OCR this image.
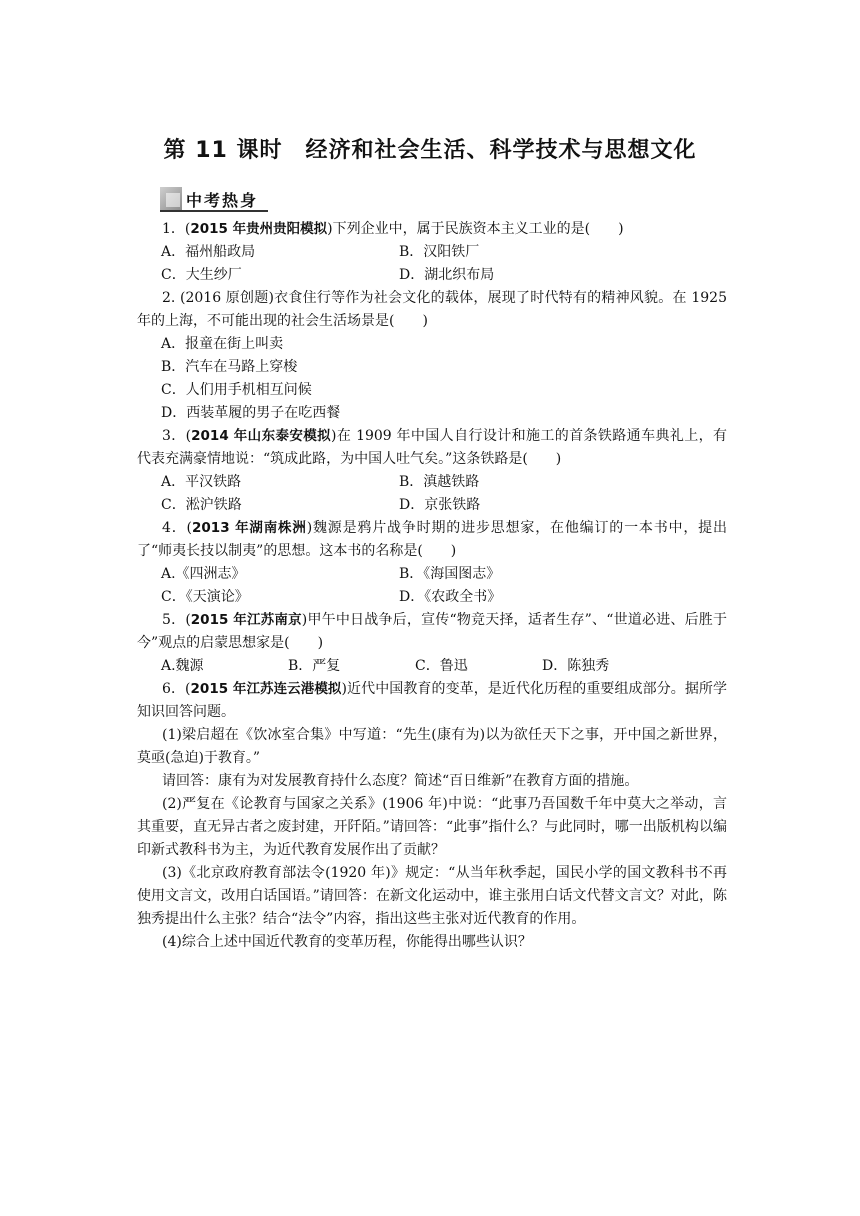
第 11 课时　经济和社会生活、科学技术与思想文化
中考热身

1．(2015 年贵州贵阳模拟)下列企业中，属于民族资本主义工业的是(　　)

A．福州船政局	B．汉阳铁厂

C．大生纱厂	D．湖北织布局

2. (2016 原创题)衣食住行等作为社会文化的载体，展现了时代特有的精神风貌。在 1925 年的上海，不可能出现的社会生活场景是(　　)

A．报童在街上叫卖

B．汽车在马路上穿梭

C．人们用手机相互问候

D．西装革履的男子在吃西餐

3．(2014 年山东泰安模拟)在 1909 年中国人自行设计和施工的首条铁路通车典礼上，有代表充满豪情地说：“筑成此路，为中国人吐气矣。”这条铁路是(　　)

A．平汉铁路	B．滇越铁路

C．淞沪铁路	D．京张铁路

4．(2013 年湖南株洲)魏源是鸦片战争时期的进步思想家，在他编订的一本书中，提出了“师夷长技以制夷”的思想。这本书的名称是(　　)

A.《四洲志》	B．《海国图志》

C．《天演论》	D．《农政全书》

5．(2015 年江苏南京)甲午中日战争后，宣传“物竞天择，适者生存”、“世道必进、后胜于今”观点的启蒙思想家是(　　)

A.魏源	B．严复	C．鲁迅	D．陈独秀

6．(2015 年江苏连云港模拟)近代中国教育的变革，是近代化历程的重要组成部分。据所学知识回答问题。

(1)梁启超在《饮冰室合集》中写道：“先生(康有为)以为欲任天下之事，开中国之新世界，莫亟(急迫)于教育。”

请回答：康有为对发展教育持什么态度？简述“百日维新”在教育方面的措施。

(2)严复在《论教育与国家之关系》(1906 年)中说：“此事乃吾国数千年中莫大之举动，言其重要，直无异古者之废封建，开阡陌。”请回答：“此事”指什么？与此同时，哪一出版机构以编印新式教科书为主，为近代教育发展作出了贡献？

(3)《北京政府教育部法令(1920 年)》规定：“从当年秋季起，国民小学的国文教科书不再使用文言文，改用白话国语。”请回答：在新文化运动中，谁主张用白话文代替文言文？对此，陈独秀提出什么主张？结合“法令”内容，指出这些主张对近代教育的作用。

(4)综合上述中国近代教育的变革历程，你能得出哪些认识？
